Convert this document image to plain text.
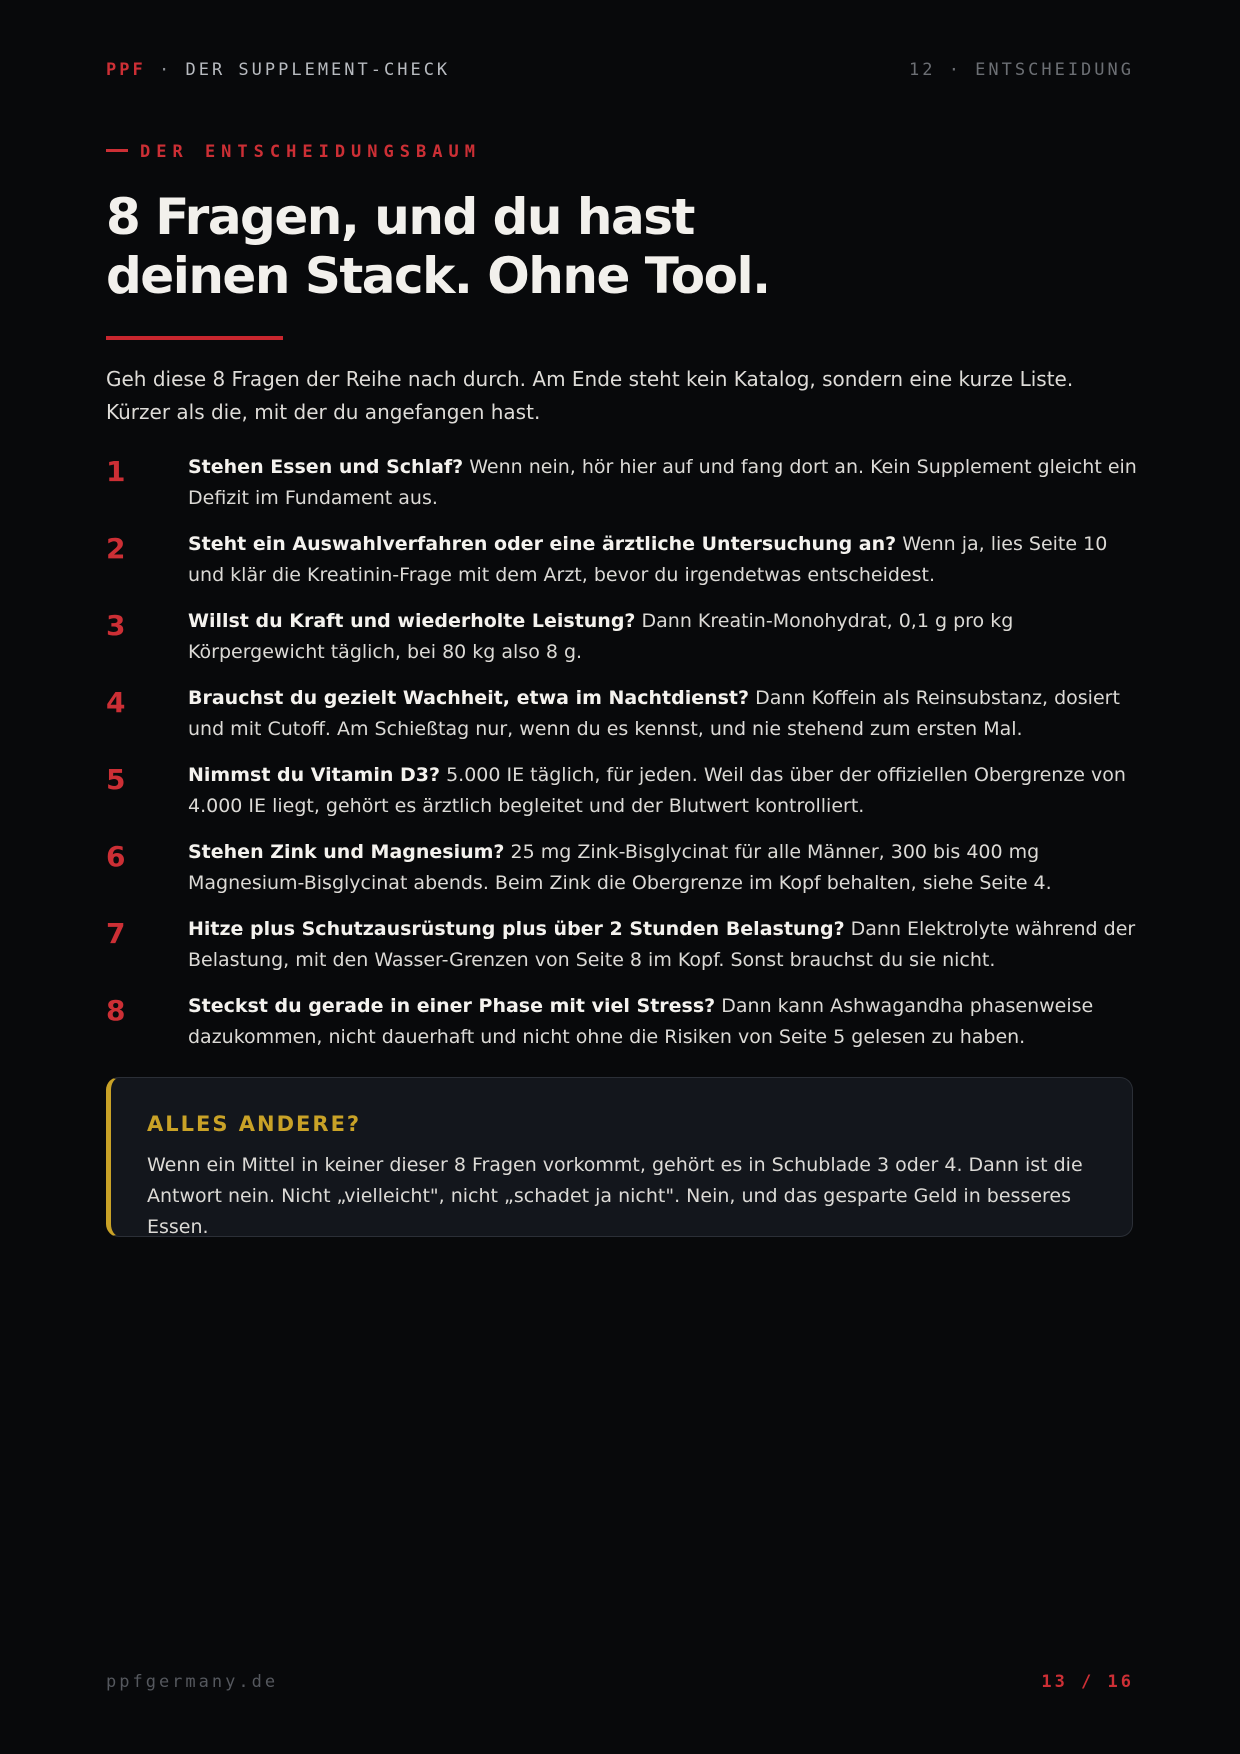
PPF · DER SUPPLEMENT-CHECK	12 · ENTSCHEIDUNG
DER ENTSCHEIDUNGSBAUM
8 Fragen, und du hast
deinen Stack. Ohne Tool.

Geh diese 8 Fragen der Reihe nach durch. Am Ende steht kein Katalog, sondern eine kurze Liste. Kürzer als die, mit der du angefangen hast.

1	Stehen Essen und Schlaf? Wenn nein, hör hier auf und fang dort an. Kein Supplement gleicht ein Defizit im Fundament aus.
2	Steht ein Auswahlverfahren oder eine ärztliche Untersuchung an? Wenn ja, lies Seite 10 und klär die Kreatinin-Frage mit dem Arzt, bevor du irgendetwas entscheidest.
3	Willst du Kraft und wiederholte Leistung? Dann Kreatin-Monohydrat, 0,1 g pro kg Körpergewicht täglich, bei 80 kg also 8 g.
4	Brauchst du gezielt Wachheit, etwa im Nachtdienst? Dann Koffein als Reinsubstanz, dosiert und mit Cutoff. Am Schießtag nur, wenn du es kennst, und nie stehend zum ersten Mal.
5	Nimmst du Vitamin D3? 5.000 IE täglich, für jeden. Weil das über der offiziellen Obergrenze von 4.000 IE liegt, gehört es ärztlich begleitet und der Blutwert kontrolliert.
6	Stehen Zink und Magnesium? 25 mg Zink-Bisglycinat für alle Männer, 300 bis 400 mg Magnesium-Bisglycinat abends. Beim Zink die Obergrenze im Kopf behalten, siehe Seite 4.
7	Hitze plus Schutzausrüstung plus über 2 Stunden Belastung? Dann Elektrolyte während der Belastung, mit den Wasser-Grenzen von Seite 8 im Kopf. Sonst brauchst du sie nicht.
8	Steckst du gerade in einer Phase mit viel Stress? Dann kann Ashwagandha phasenweise dazukommen, nicht dauerhaft und nicht ohne die Risiken von Seite 5 gelesen zu haben.
ALLES ANDERE?

Wenn ein Mittel in keiner dieser 8 Fragen vorkommt, gehört es in Schublade 3 oder 4. Dann ist die Antwort nein. Nicht „vielleicht", nicht „schadet ja nicht". Nein, und das gesparte Geld in besseres Essen.

ppfgermany.de	13 / 16
